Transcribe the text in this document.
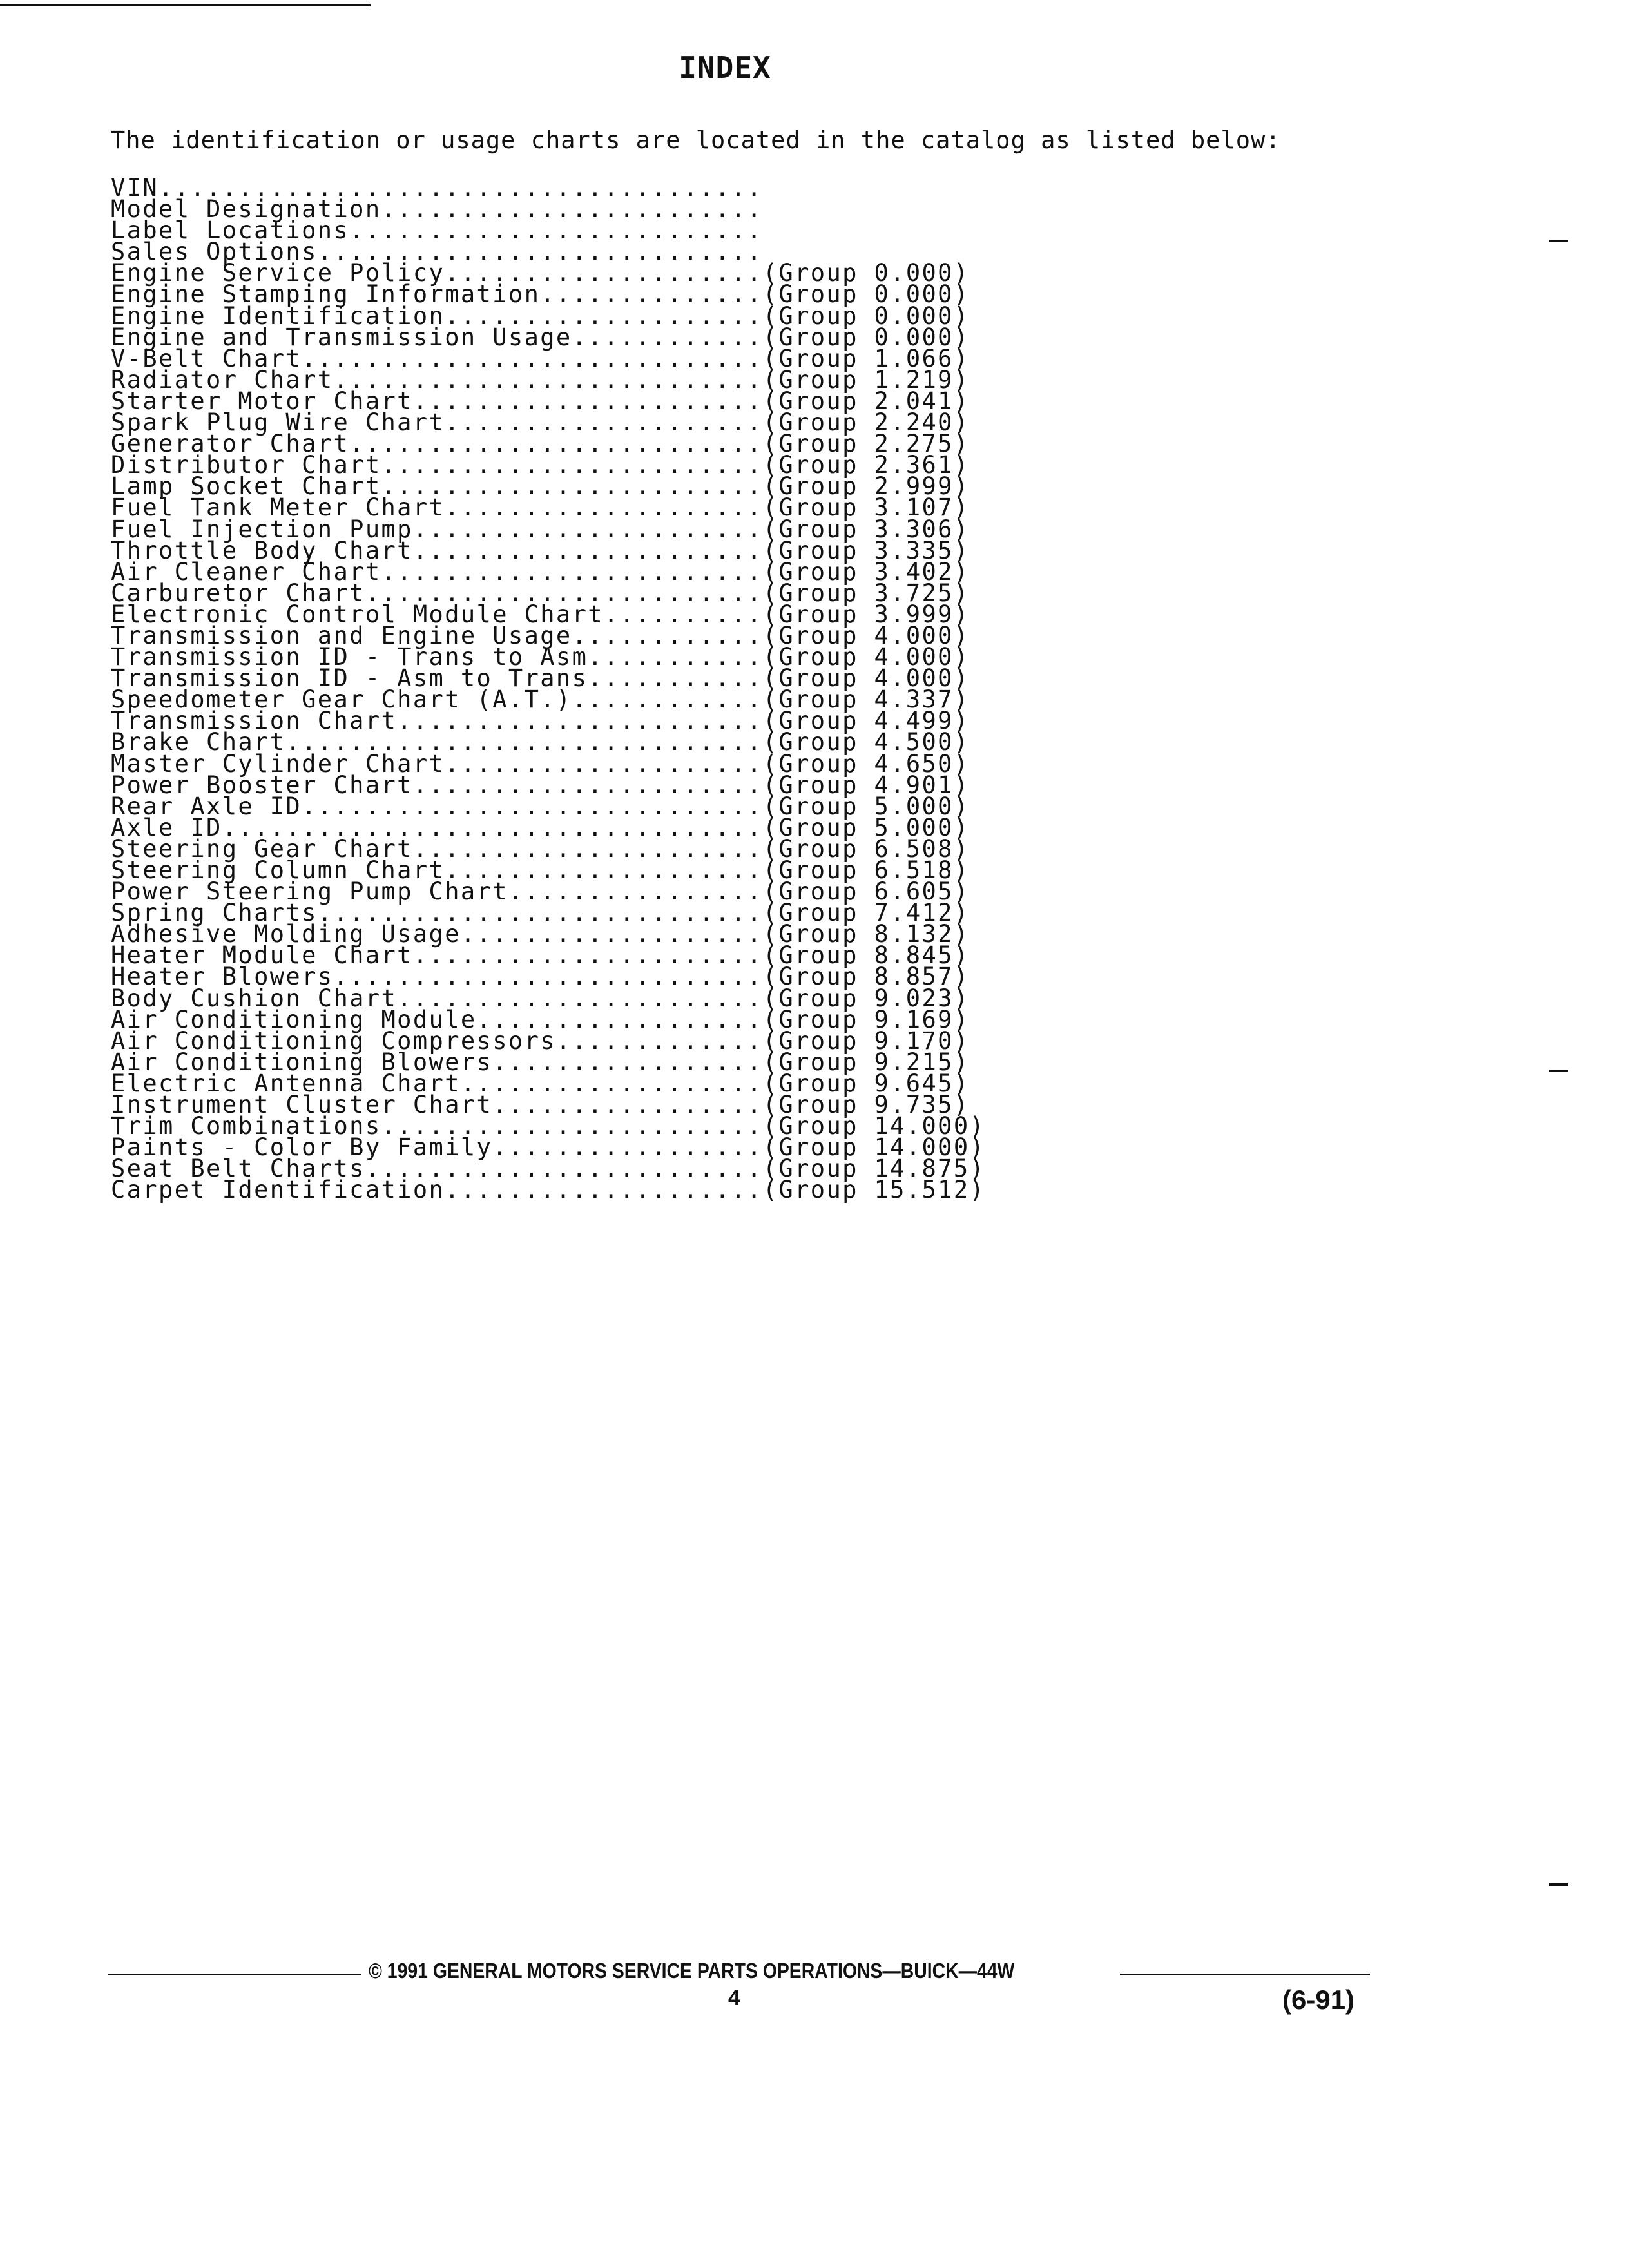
INDEX
The identification or usage charts are located in the catalog as listed below:
VIN......................................
Model Designation........................
Label Locations..........................
Sales Options............................
Engine Service Policy....................(Group 0.000)
Engine Stamping Information..............(Group 0.000)
Engine Identification....................(Group 0.000)
Engine and Transmission Usage............(Group 0.000)
V-Belt Chart.............................(Group 1.066)
Radiator Chart...........................(Group 1.219)
Starter Motor Chart......................(Group 2.041)
Spark Plug Wire Chart....................(Group 2.240)
Generator Chart..........................(Group 2.275)
Distributor Chart........................(Group 2.361)
Lamp Socket Chart........................(Group 2.999)
Fuel Tank Meter Chart....................(Group 3.107)
Fuel Injection Pump......................(Group 3.306)
Throttle Body Chart......................(Group 3.335)
Air Cleaner Chart........................(Group 3.402)
Carburetor Chart.........................(Group 3.725)
Electronic Control Module Chart..........(Group 3.999)
Transmission and Engine Usage............(Group 4.000)
Transmission ID - Trans to Asm...........(Group 4.000)
Transmission ID - Asm to Trans...........(Group 4.000)
Speedometer Gear Chart (A.T.)............(Group 4.337)
Transmission Chart.......................(Group 4.499)
Brake Chart..............................(Group 4.500)
Master Cylinder Chart....................(Group 4.650)
Power Booster Chart......................(Group 4.901)
Rear Axle ID.............................(Group 5.000)
Axle ID..................................(Group 5.000)
Steering Gear Chart......................(Group 6.508)
Steering Column Chart....................(Group 6.518)
Power Steering Pump Chart................(Group 6.605)
Spring Charts............................(Group 7.412)
Adhesive Molding Usage...................(Group 8.132)
Heater Module Chart......................(Group 8.845)
Heater Blowers...........................(Group 8.857)
Body Cushion Chart.......................(Group 9.023)
Air Conditioning Module..................(Group 9.169)
Air Conditioning Compressors.............(Group 9.170)
Air Conditioning Blowers.................(Group 9.215)
Electric Antenna Chart...................(Group 9.645)
Instrument Cluster Chart.................(Group 9.735)
Trim Combinations........................(Group 14.000)
Paints - Color By Family.................(Group 14.000)
Seat Belt Charts.........................(Group 14.875)
Carpet Identification....................(Group 15.512)
© 1991 GENERAL MOTORS SERVICE PARTS OPERATIONS—BUICK—44W
4	(6-91)
